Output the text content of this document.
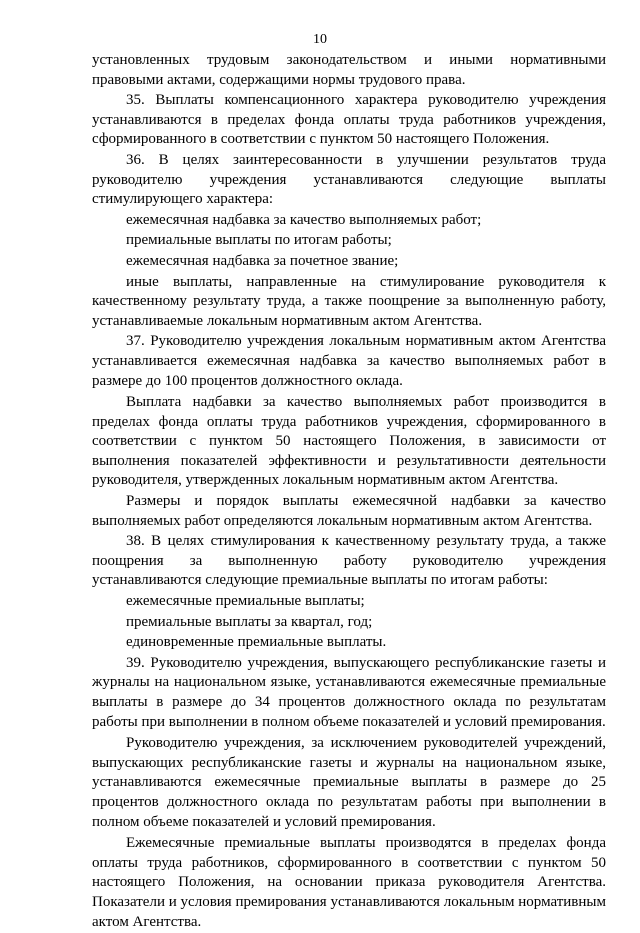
10

установленных трудовым законодательством и иными нормативными правовыми актами, содержащими нормы трудового права.

35. Выплаты компенсационного характера руководителю учреждения устанавливаются в пределах фонда оплаты труда работников учреждения, сформированного в соответствии с пунктом 50 настоящего Положения.

36. В целях заинтересованности в улучшении результатов труда руководителю учреждения устанавливаются следующие выплаты стимулирующего характера:

ежемесячная надбавка за качество выполняемых работ;

премиальные выплаты по итогам работы;

ежемесячная надбавка за почетное звание;

иные выплаты, направленные на стимулирование руководителя к качественному результату труда, а также поощрение за выполненную работу, устанавливаемые локальным нормативным актом Агентства.

37. Руководителю учреждения локальным нормативным актом Агентства устанавливается ежемесячная надбавка за качество выполняемых работ в размере до 100 процентов должностного оклада.

Выплата надбавки за качество выполняемых работ производится в пределах фонда оплаты труда работников учреждения, сформированного в соответствии с пунктом 50 настоящего Положения, в зависимости от выполнения показателей эффективности и результативности деятельности руководителя, утвержденных локальным нормативным актом Агентства.

Размеры и порядок выплаты ежемесячной надбавки за качество выполняемых работ определяются локальным нормативным актом Агентства.

38. В целях стимулирования к качественному результату труда, а также поощрения за выполненную работу руководителю учреждения устанавливаются следующие премиальные выплаты по итогам работы:

ежемесячные премиальные выплаты;

премиальные выплаты за квартал, год;

единовременные премиальные выплаты.

39. Руководителю учреждения, выпускающего республиканские газеты и журналы на национальном языке, устанавливаются ежемесячные премиальные выплаты в размере до 34 процентов должностного оклада по результатам работы при выполнении в полном объеме показателей и условий премирования.

Руководителю учреждения, за исключением руководителей учреждений, выпускающих республиканские газеты и журналы на национальном языке, устанавливаются ежемесячные премиальные выплаты в размере до 25 процентов должностного оклада по результатам работы при выполнении в полном объеме показателей и условий премирования.

Ежемесячные премиальные выплаты производятся в пределах фонда оплаты труда работников, сформированного в соответствии с пунктом 50 настоящего Положения, на основании приказа руководителя Агентства. Показатели и условия премирования устанавливаются локальным нормативным актом Агентства.
